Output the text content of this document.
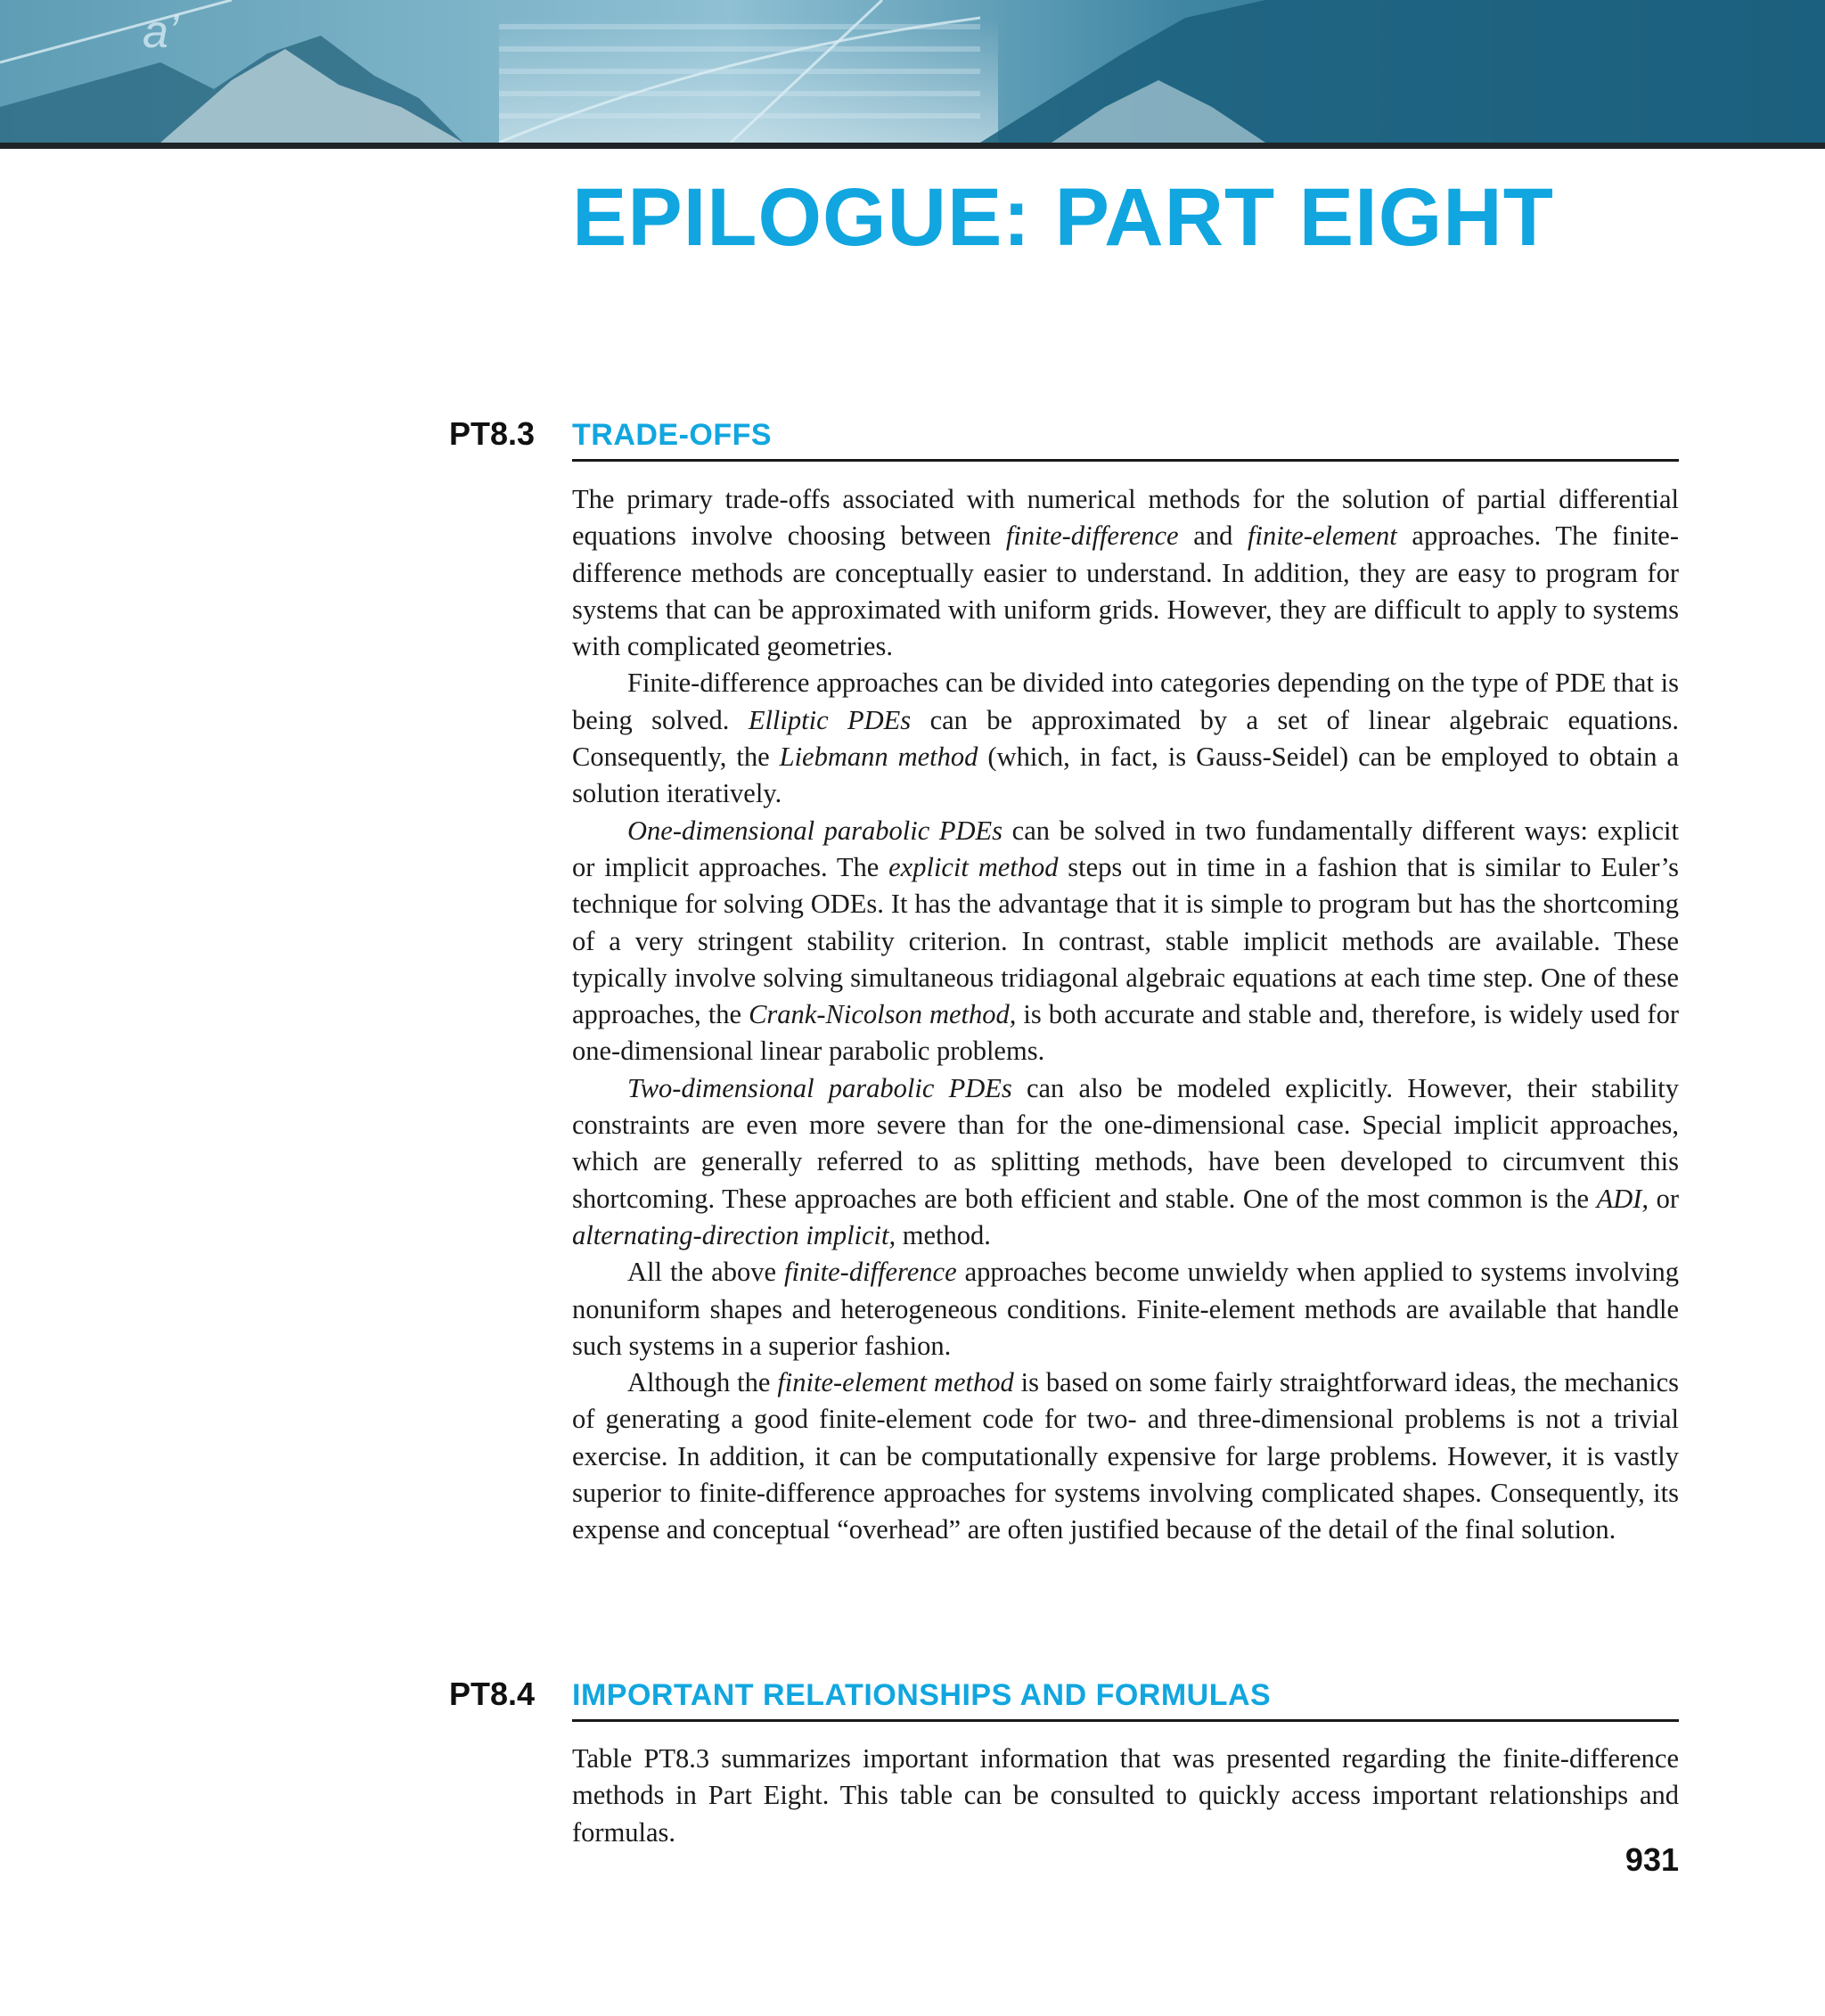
a’
EPILOGUE: PART EIGHT
PT8.3 TRADE-OFFS

The primary trade-offs associated with numerical methods for the solution of partial differential equations involve choosing between finite-difference and finite-element approaches. The finite-difference methods are conceptually easier to understand. In addition, they are easy to program for systems that can be approximated with uniform grids. However, they are difficult to apply to systems with complicated geometries.

Finite-difference approaches can be divided into categories depending on the type of PDE that is being solved. Elliptic PDEs can be approximated by a set of linear algebraic equations. Consequently, the Liebmann method (which, in fact, is Gauss-Seidel) can be employed to obtain a solution iteratively.

One-dimensional parabolic PDEs can be solved in two fundamentally different ways: explicit or implicit approaches. The explicit method steps out in time in a fashion that is similar to Euler’s technique for solving ODEs. It has the advantage that it is simple to program but has the shortcoming of a very stringent stability criterion. In contrast, stable implicit methods are available. These typically involve solving simultaneous tridiagonal algebraic equations at each time step. One of these approaches, the Crank-Nicolson method, is both accurate and stable and, therefore, is widely used for one-dimensional linear parabolic problems.

Two-dimensional parabolic PDEs can also be modeled explicitly. However, their stability constraints are even more severe than for the one-dimensional case. Special implicit approaches, which are generally referred to as splitting methods, have been developed to circumvent this shortcoming. These approaches are both efficient and stable. One of the most common is the ADI, or alternating-direction implicit, method.

All the above finite-difference approaches become unwieldy when applied to systems involving nonuniform shapes and heterogeneous conditions. Finite-element methods are available that handle such systems in a superior fashion.

Although the finite-element method is based on some fairly straightforward ideas, the mechanics of generating a good finite-element code for two- and three-dimensional problems is not a trivial exercise. In addition, it can be computationally expensive for large problems. However, it is vastly superior to finite-difference approaches for systems involving complicated shapes. Consequently, its expense and conceptual “overhead” are often justified because of the detail of the final solution.

PT8.4 IMPORTANT RELATIONSHIPS AND FORMULAS

Table PT8.3 summarizes important information that was presented regarding the finite-difference methods in Part Eight. This table can be consulted to quickly access important relationships and formulas.

931
